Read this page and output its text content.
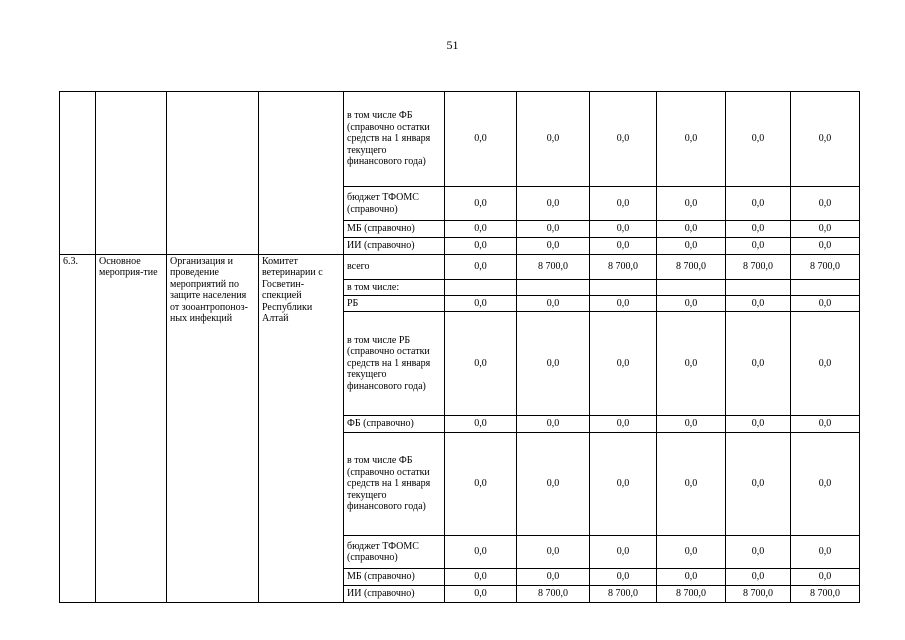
51
				в том числе ФБ (справочно остатки средств на 1 января текущего финансового года)	0,0	0,0	0,0	0,0	0,0	0,0
				бюджет ТФОМС (справочно)	0,0	0,0	0,0	0,0	0,0	0,0
				МБ (справочно)	0,0	0,0	0,0	0,0	0,0	0,0
				ИИ (справочно)	0,0	0,0	0,0	0,0	0,0	0,0
6.3.	Основное мероприя-тие	Организация и проведение мероприятий по защите населения от зооантропоноз-ных инфекций	Комитет ветеринарии с Госветин-спекцией Республики Алтай	всего	0,0	8 700,0	8 700,0	8 700,0	8 700,0	8 700,0
				в том числе:						
				РБ	0,0	0,0	0,0	0,0	0,0	0,0
				в том числе РБ (справочно остатки средств на 1 января текущего финансового года)	0,0	0,0	0,0	0,0	0,0	0,0
				ФБ (справочно)	0,0	0,0	0,0	0,0	0,0	0,0
				в том числе ФБ (справочно остатки средств на 1 января текущего финансового года)	0,0	0,0	0,0	0,0	0,0	0,0
				бюджет ТФОМС (справочно)	0,0	0,0	0,0	0,0	0,0	0,0
				МБ (справочно)	0,0	0,0	0,0	0,0	0,0	0,0
				ИИ (справочно)	0,0	8 700,0	8 700,0	8 700,0	8 700,0	8 700,0
